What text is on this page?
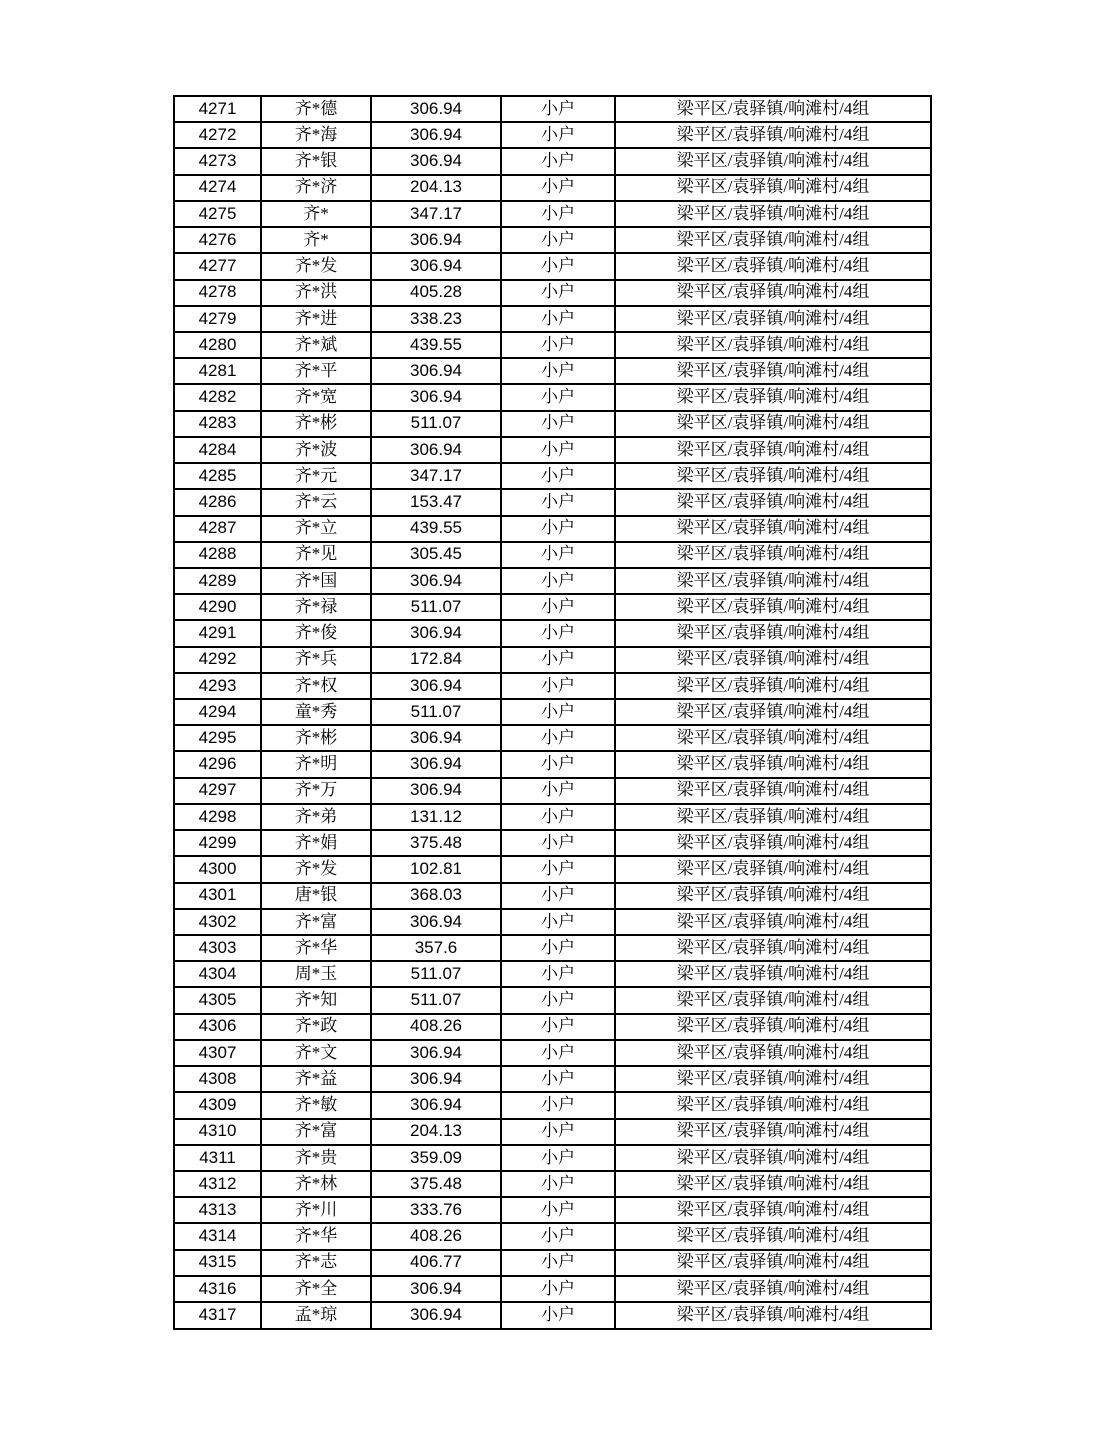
4271	齐*德	306.94	小户	梁平区/袁驿镇/响滩村/4组
4272	齐*海	306.94	小户	梁平区/袁驿镇/响滩村/4组
4273	齐*银	306.94	小户	梁平区/袁驿镇/响滩村/4组
4274	齐*济	204.13	小户	梁平区/袁驿镇/响滩村/4组
4275	齐*	347.17	小户	梁平区/袁驿镇/响滩村/4组
4276	齐*	306.94	小户	梁平区/袁驿镇/响滩村/4组
4277	齐*发	306.94	小户	梁平区/袁驿镇/响滩村/4组
4278	齐*洪	405.28	小户	梁平区/袁驿镇/响滩村/4组
4279	齐*进	338.23	小户	梁平区/袁驿镇/响滩村/4组
4280	齐*斌	439.55	小户	梁平区/袁驿镇/响滩村/4组
4281	齐*平	306.94	小户	梁平区/袁驿镇/响滩村/4组
4282	齐*宽	306.94	小户	梁平区/袁驿镇/响滩村/4组
4283	齐*彬	511.07	小户	梁平区/袁驿镇/响滩村/4组
4284	齐*波	306.94	小户	梁平区/袁驿镇/响滩村/4组
4285	齐*元	347.17	小户	梁平区/袁驿镇/响滩村/4组
4286	齐*云	153.47	小户	梁平区/袁驿镇/响滩村/4组
4287	齐*立	439.55	小户	梁平区/袁驿镇/响滩村/4组
4288	齐*见	305.45	小户	梁平区/袁驿镇/响滩村/4组
4289	齐*国	306.94	小户	梁平区/袁驿镇/响滩村/4组
4290	齐*禄	511.07	小户	梁平区/袁驿镇/响滩村/4组
4291	齐*俊	306.94	小户	梁平区/袁驿镇/响滩村/4组
4292	齐*兵	172.84	小户	梁平区/袁驿镇/响滩村/4组
4293	齐*权	306.94	小户	梁平区/袁驿镇/响滩村/4组
4294	童*秀	511.07	小户	梁平区/袁驿镇/响滩村/4组
4295	齐*彬	306.94	小户	梁平区/袁驿镇/响滩村/4组
4296	齐*明	306.94	小户	梁平区/袁驿镇/响滩村/4组
4297	齐*万	306.94	小户	梁平区/袁驿镇/响滩村/4组
4298	齐*弟	131.12	小户	梁平区/袁驿镇/响滩村/4组
4299	齐*娟	375.48	小户	梁平区/袁驿镇/响滩村/4组
4300	齐*发	102.81	小户	梁平区/袁驿镇/响滩村/4组
4301	唐*银	368.03	小户	梁平区/袁驿镇/响滩村/4组
4302	齐*富	306.94	小户	梁平区/袁驿镇/响滩村/4组
4303	齐*华	357.6	小户	梁平区/袁驿镇/响滩村/4组
4304	周*玉	511.07	小户	梁平区/袁驿镇/响滩村/4组
4305	齐*知	511.07	小户	梁平区/袁驿镇/响滩村/4组
4306	齐*政	408.26	小户	梁平区/袁驿镇/响滩村/4组
4307	齐*文	306.94	小户	梁平区/袁驿镇/响滩村/4组
4308	齐*益	306.94	小户	梁平区/袁驿镇/响滩村/4组
4309	齐*敏	306.94	小户	梁平区/袁驿镇/响滩村/4组
4310	齐*富	204.13	小户	梁平区/袁驿镇/响滩村/4组
4311	齐*贵	359.09	小户	梁平区/袁驿镇/响滩村/4组
4312	齐*林	375.48	小户	梁平区/袁驿镇/响滩村/4组
4313	齐*川	333.76	小户	梁平区/袁驿镇/响滩村/4组
4314	齐*华	408.26	小户	梁平区/袁驿镇/响滩村/4组
4315	齐*志	406.77	小户	梁平区/袁驿镇/响滩村/4组
4316	齐*全	306.94	小户	梁平区/袁驿镇/响滩村/4组
4317	孟*琼	306.94	小户	梁平区/袁驿镇/响滩村/4组
